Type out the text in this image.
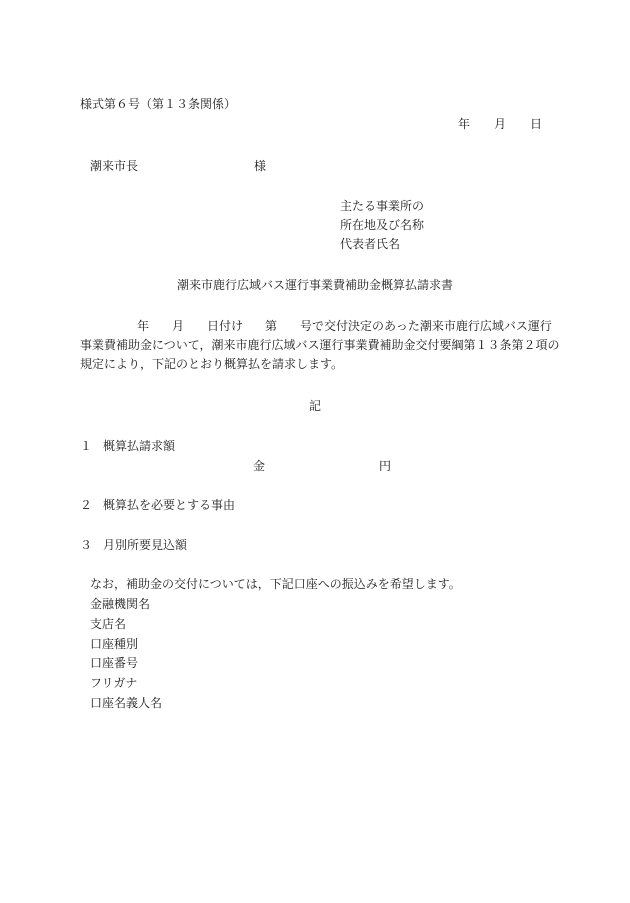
様式第６号（第１３条関係）
年 月 日
潮来市長	様
主たる事業所の
所在地及び名称
代表者氏名
潮来市鹿行広域バス運行事業費補助金概算払請求書
年 月 日付け 第 号で交付決定のあった潮来市鹿行広域バス運行
事業費補助金について，潮来市鹿行広域バス運行事業費補助金交付要綱第１３条第２項の
規定により，下記のとおり概算払を請求します。
記
１ 概算払請求額
金	円
２ 概算払を必要とする事由
３ 月別所要見込額
なお，補助金の交付については，下記口座への振込みを希望します。
金融機関名
支店名
口座種別
口座番号
フリガナ
口座名義人名
